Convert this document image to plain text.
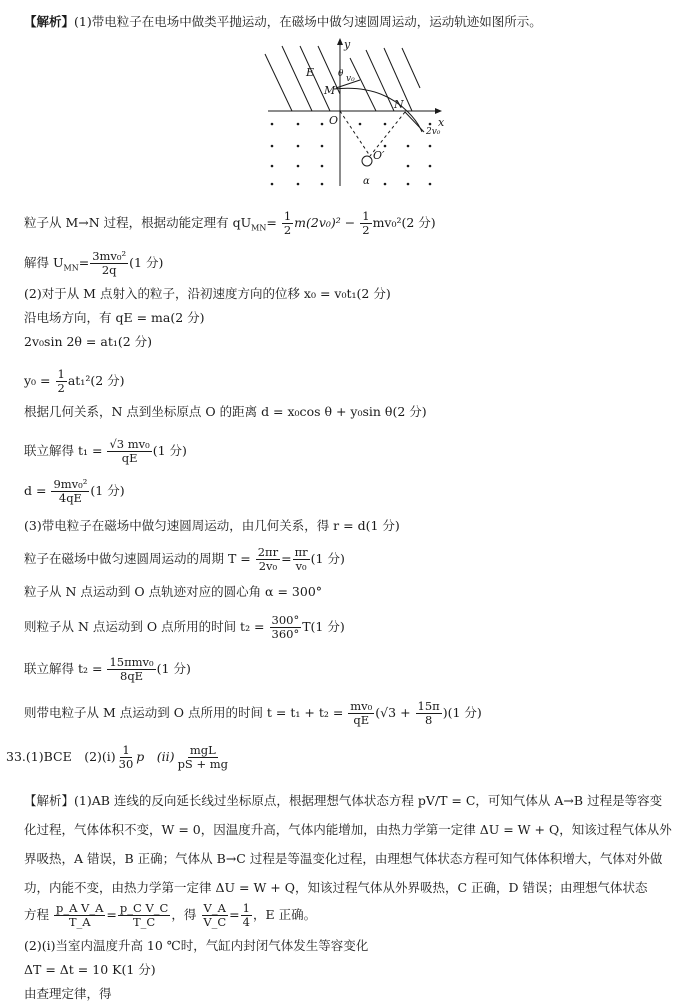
【解析】(1)带电粒子在电场中做类平抛运动，在磁场中做匀速圆周运动，运动轨迹如图所示。
E
M
N
O
O′
v₀
2v₀
x
y
θ
α
粒子从 M→N 过程，根据动能定理有 $qU_{MN}= \frac{1}{2} m(2v_0)^2 - \frac{1}{2} mv_0^2(2$ 分)
解得 $U_{MN}= \frac{\text{3mv₀²}}{2q} (1$ 分)
(2)对于从 M 点射入的粒子，沿初速度方向的位移 x₀ = v₀t₁(2 分)
沿电场方向，有 qE = ma(2 分)
2v₀sin 2θ = at₁(2 分)
$y_0 = \frac{1}{2} at_1^2(2$ 分)
根据几何关系，N 点到坐标原点 O 的距离 d = x₀cos θ + y₀sin θ(2 分)
联立解得 $t_1 = \frac{\text{√3 mv₀}}{qE} (1$ 分)
$d = \frac{\text{9mv₀²}}{4qE} (1$ 分)
(3)带电粒子在磁场中做匀速圆周运动，由几何关系，得 r = d(1 分)
粒子在磁场中做匀速圆周运动的周期 $T = \frac{2\pi r}{\text{2v₀}} = \frac{\pi r}{\text{v₀}} (1$ 分)
粒子从 N 点运动到 O 点轨迹对应的圆心角 α = 300°
则粒子从 N 点运动到 O 点所用的时间 $t_2 = \frac{300^\circ}{360^\circ} T(1$ 分)
联立解得 $t_2 = \frac{\text{15πmv₀}}{8qE} (1$ 分)
则带电粒子从 M 点运动到 O 点所用的时间 $t = t_1 + t_2 = \frac{\text{mv₀}}{qE} (√3 + \frac{15\pi}{8} )(1$ 分)
33.(1)BCE　(2)(ⅰ) $\frac{1}{30}$ p　(ⅱ) $\frac{\text{mgL}}{pS + mg}$
【解析】(1)AB 连线的反向延长线过坐标原点，根据理想气体状态方程 pV/T = C，可知气体从 A→B 过程是等容变化过程，气体体积不变，W = 0，因温度升高，气体内能增加，由热力学第一定律 ΔU = W + Q，知该过程气体从外界吸热，A 错误，B 正确；气体从 B→C 过程是等温变化过程，由理想气体状态方程可知气体体积增大，气体对外做功，内能不变，由热力学第一定律 ΔU = W + Q，知该过程气体从外界吸热，C 正确，D 错误；由理想气体状态
方程 $\frac{\text{p\_A V\_A}}{T\_A} = \frac{\text{p\_C V\_C}}{T\_C}$ ，得 $\frac{V\_A}{V\_C} = \frac{1}{4}$ ，E 正确。
(2)(ⅰ)当室内温度升高 10 ℃时，气缸内封闭气体发生等容变化
ΔT = Δt = 10 K(1 分)
由查理定律，得
